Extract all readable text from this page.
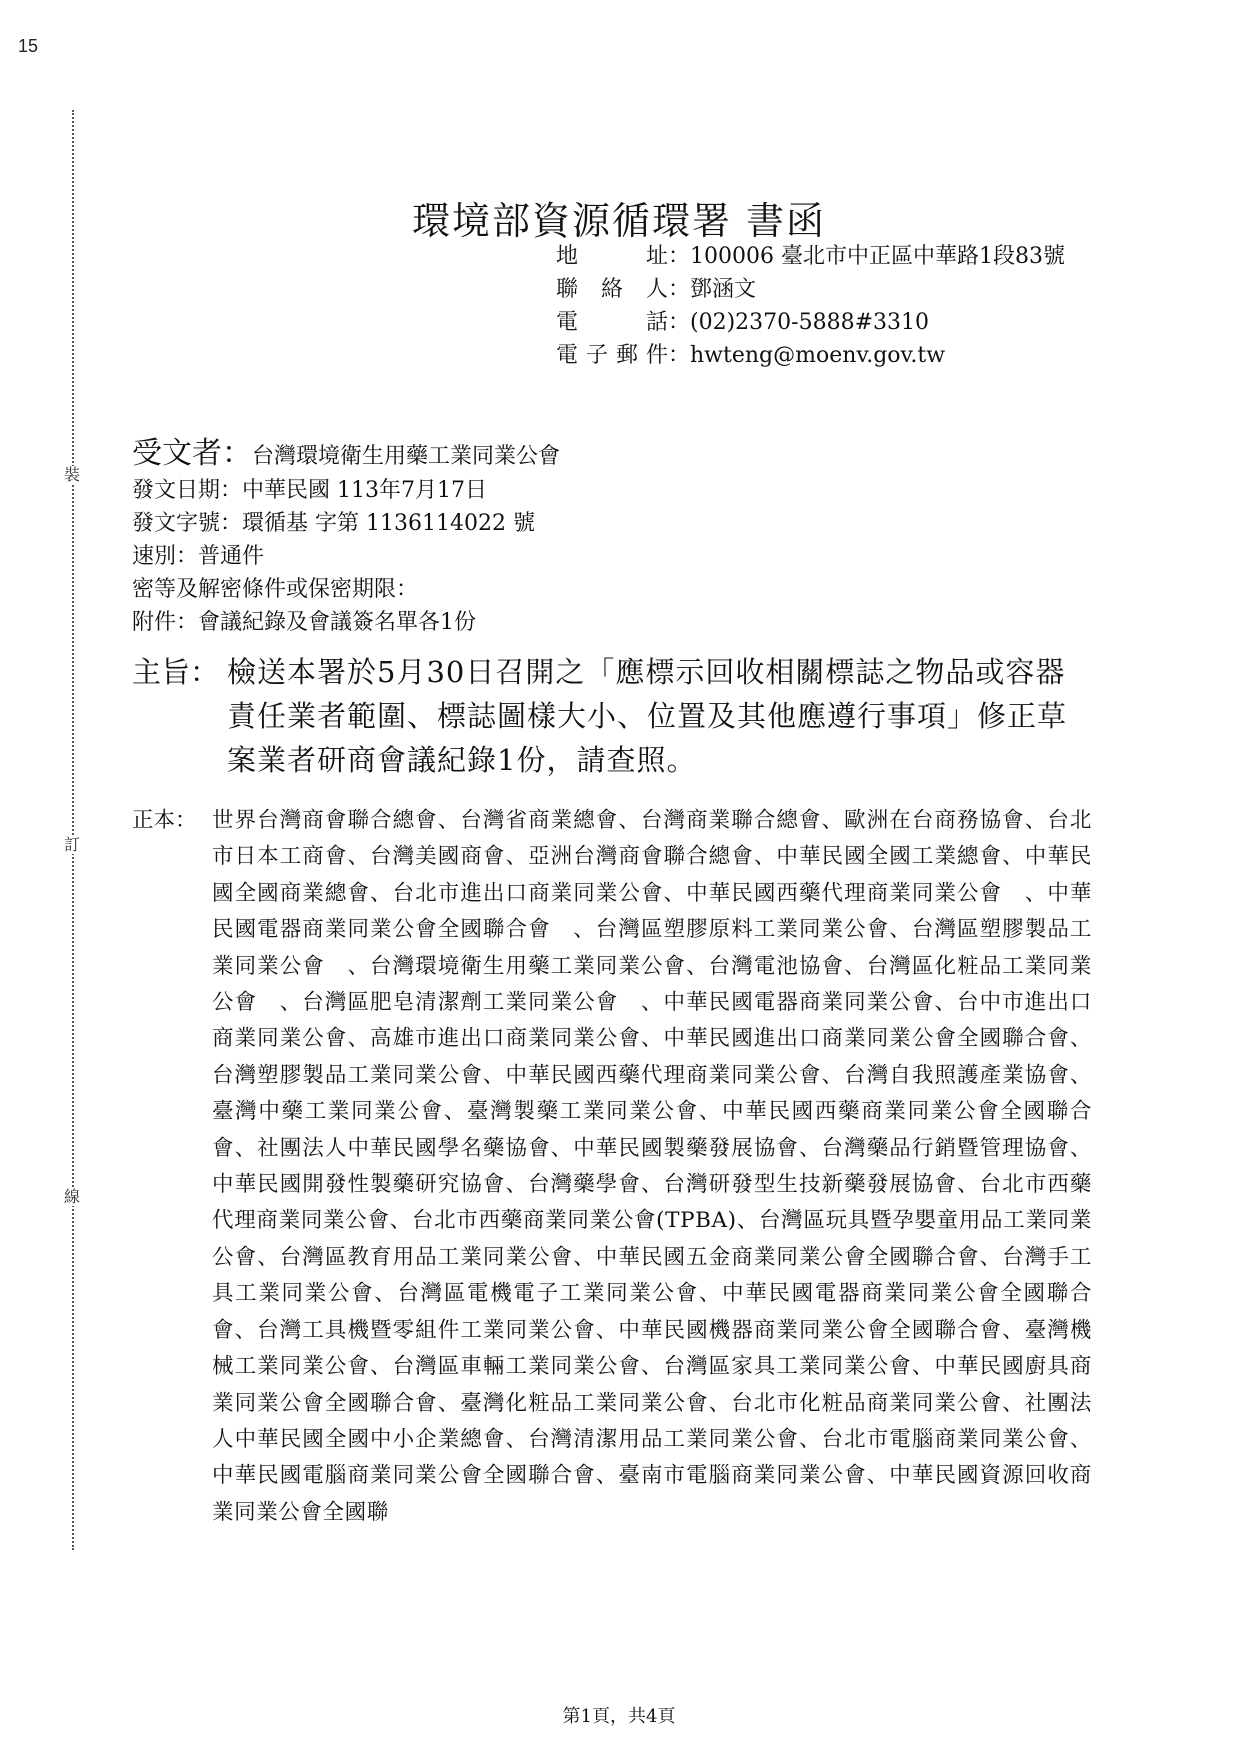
15
裝
訂
線
環境部資源循環署 書函
地　址：100006 臺北市中正區中華路1段83號
聯絡人：鄧涵文
電　話：(02)2370-5888#3310
電子郵件：hwteng@moenv.gov.tw
受文者：台灣環境衛生用藥工業同業公會
發文日期：中華民國 113年7月17日
發文字號：環循基 字第 1136114022 號
速別：普通件
密等及解密條件或保密期限：
附件：會議紀錄及會議簽名單各1份
主旨： 檢送本署於5月30日召開之「應標示回收相關標誌之物品或容器責任業者範圍、標誌圖樣大小、位置及其他應遵行事項」修正草案業者研商會議紀錄1份，請查照。
正本： 世界台灣商會聯合總會、台灣省商業總會、台灣商業聯合總會、歐洲在台商務協會、台北市日本工商會、台灣美國商會、亞洲台灣商會聯合總會、中華民國全國工業總會、中華民國全國商業總會、台北市進出口商業同業公會、中華民國西藥代理商業同業公會　、中華民國電器商業同業公會全國聯合會　、台灣區塑膠原料工業同業公會、台灣區塑膠製品工業同業公會　、台灣環境衛生用藥工業同業公會、台灣電池協會、台灣區化粧品工業同業公會　、台灣區肥皂清潔劑工業同業公會　、中華民國電器商業同業公會、台中市進出口商業同業公會、高雄市進出口商業同業公會、中華民國進出口商業同業公會全國聯合會、台灣塑膠製品工業同業公會、中華民國西藥代理商業同業公會、台灣自我照護產業協會、臺灣中藥工業同業公會、臺灣製藥工業同業公會、中華民國西藥商業同業公會全國聯合會、社團法人中華民國學名藥協會、中華民國製藥發展協會、台灣藥品行銷暨管理協會、中華民國開發性製藥研究協會、台灣藥學會、台灣研發型生技新藥發展協會、台北市西藥代理商業同業公會、台北市西藥商業同業公會(TPBA)、台灣區玩具暨孕嬰童用品工業同業公會、台灣區教育用品工業同業公會、中華民國五金商業同業公會全國聯合會、台灣手工具工業同業公會、台灣區電機電子工業同業公會、中華民國電器商業同業公會全國聯合會、台灣工具機暨零組件工業同業公會、中華民國機器商業同業公會全國聯合會、臺灣機械工業同業公會、台灣區車輛工業同業公會、台灣區家具工業同業公會、中華民國廚具商業同業公會全國聯合會、臺灣化粧品工業同業公會、台北市化粧品商業同業公會、社團法人中華民國全國中小企業總會、台灣清潔用品工業同業公會、台北市電腦商業同業公會、中華民國電腦商業同業公會全國聯合會、臺南市電腦商業同業公會、中華民國資源回收商業同業公會全國聯
第1頁，共4頁
